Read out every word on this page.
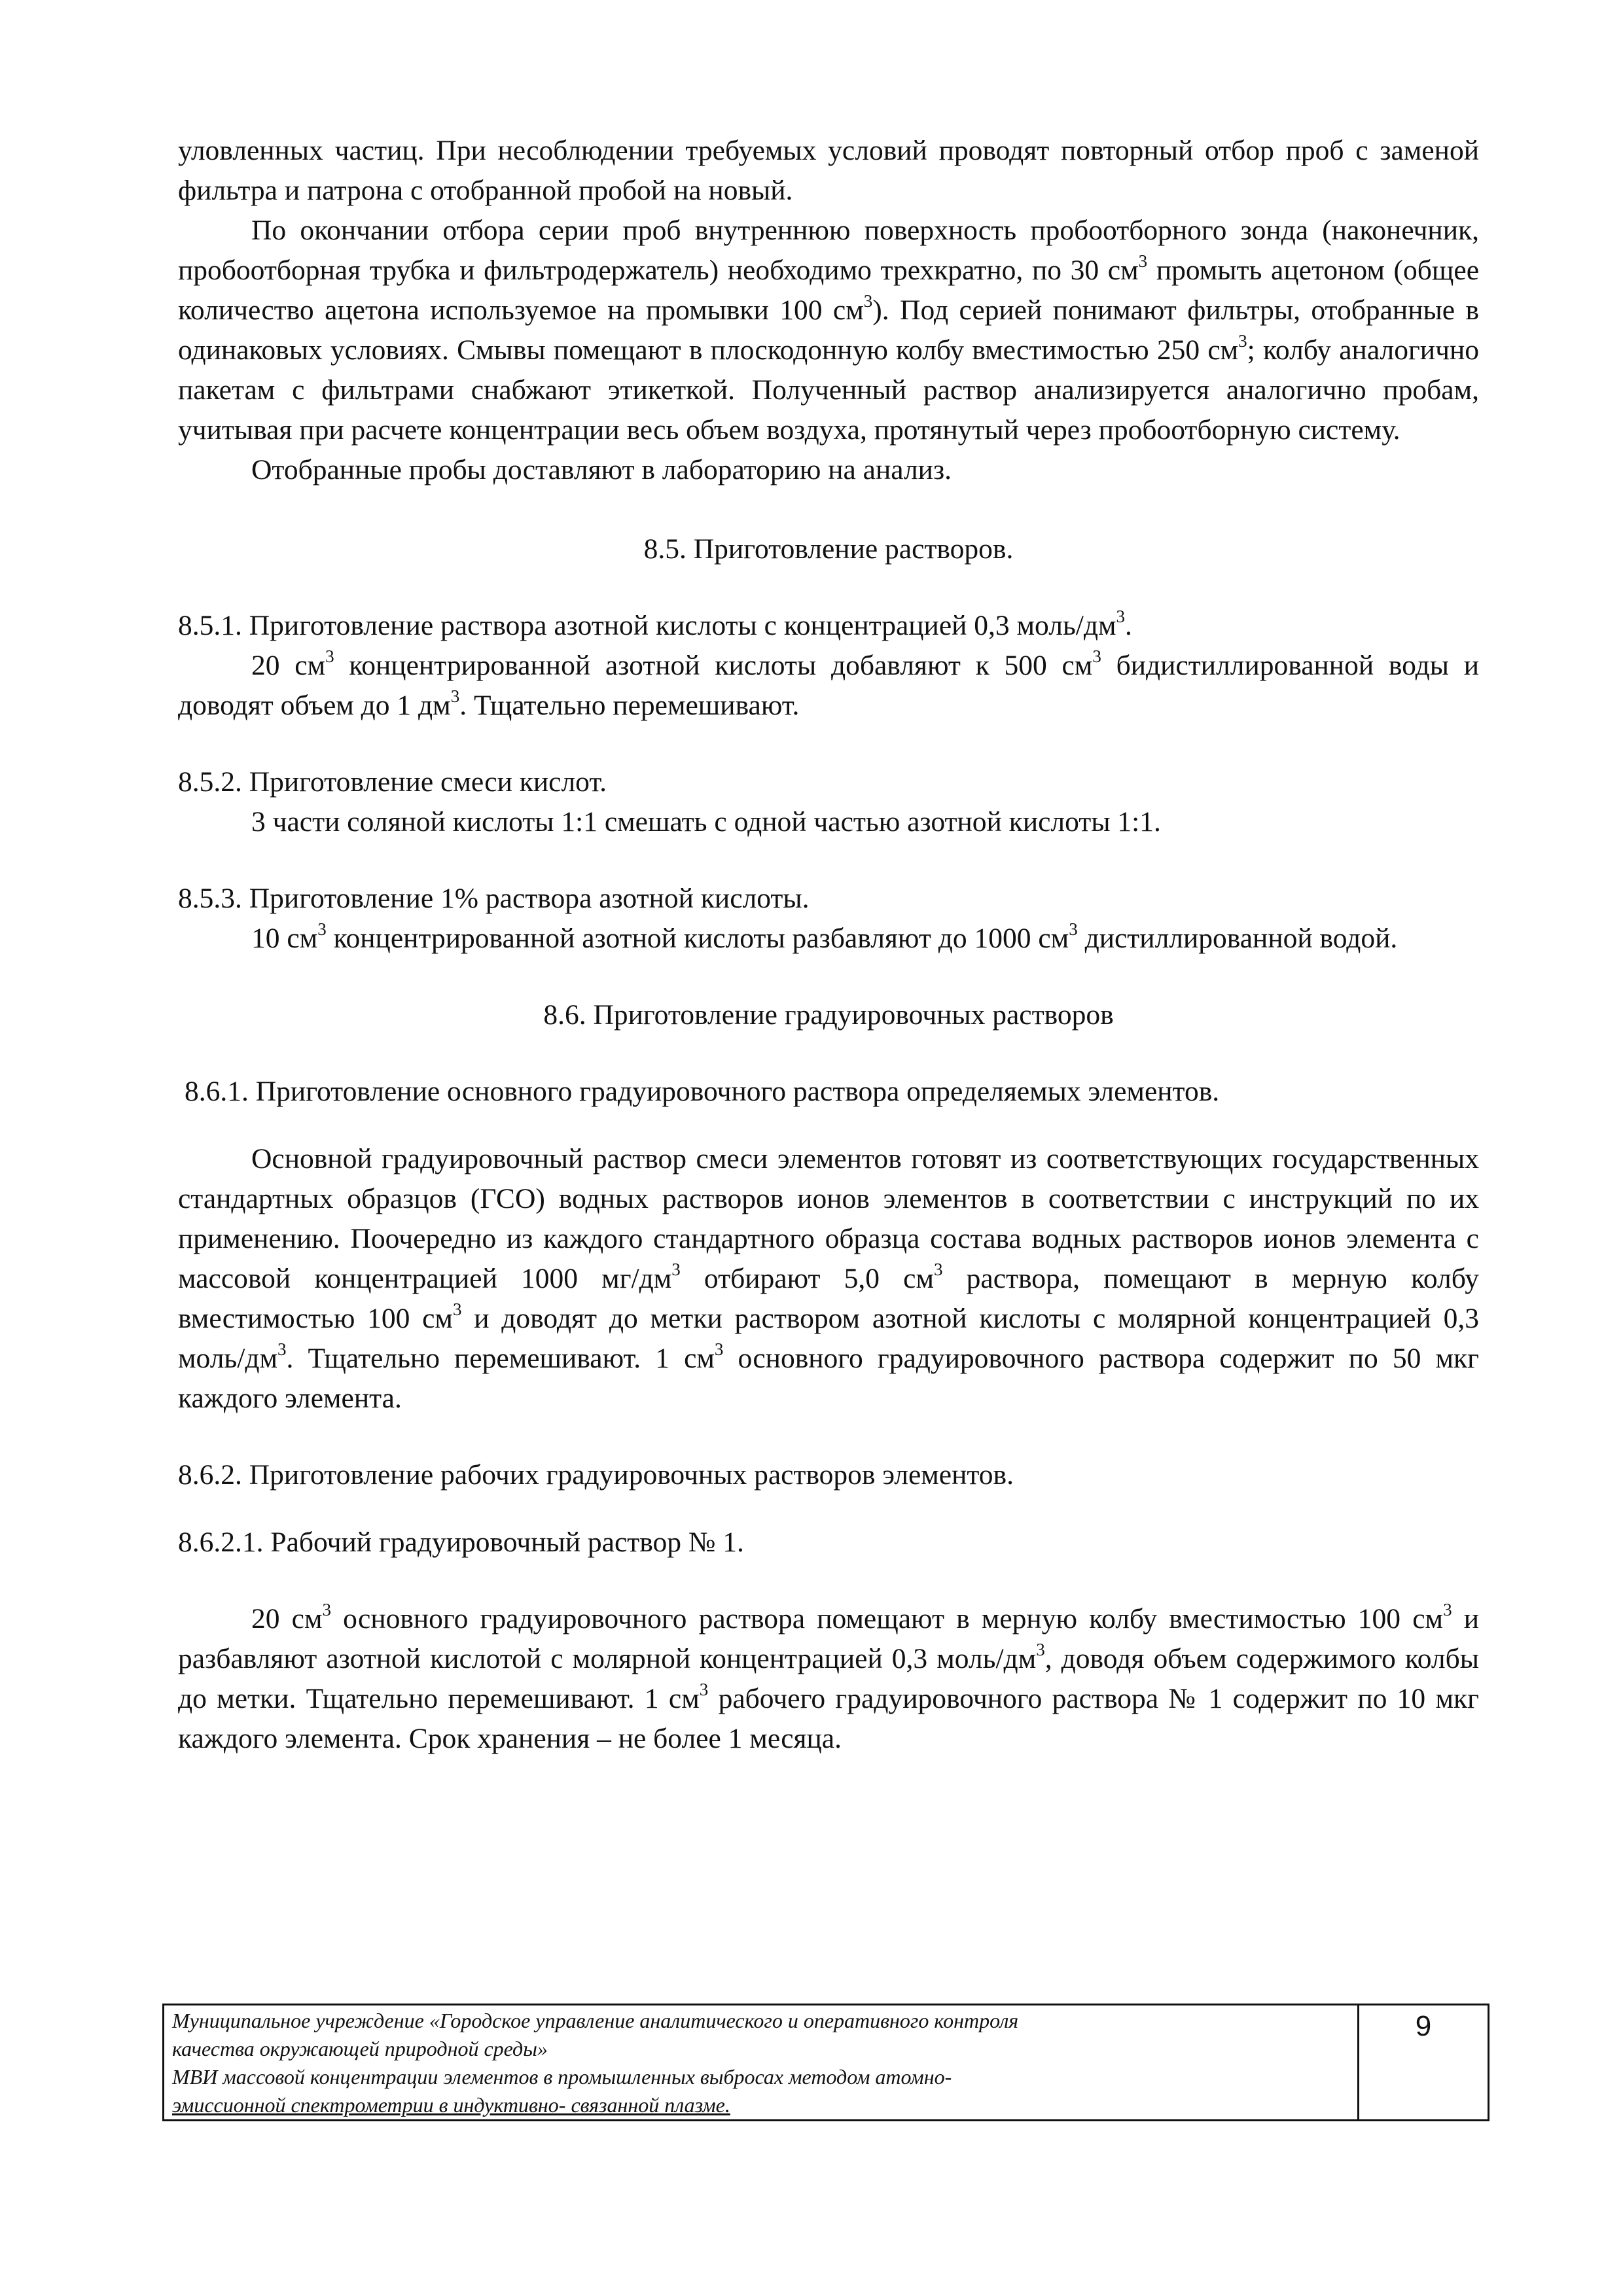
уловленных частиц. При несоблюдении требуемых условий проводят повторный отбор проб с заменой фильтра и патрона с отобранной пробой на новый.

По окончании отбора серии проб внутреннюю поверхность пробоотборного зонда (наконечник, пробоотборная трубка и фильтродержатель) необходимо трехкратно, по 30 $см^3$ промыть ацетоном (общее количество ацетона используемое на промывки 100 $см^3$). Под серией понимают фильтры, отобранные в одинаковых условиях. Смывы помещают в плоскодонную колбу вместимостью 250 $см^3$; колбу аналогично пакетам с фильтрами снабжают этикеткой. Полученный раствор анализируется аналогично пробам, учитывая при расчете концентрации весь объем воздуха, протянутый через пробоотборную систему.

Отобранные пробы доставляют в лабораторию на анализ.

8.5. Приготовление растворов.

8.5.1. Приготовление раствора азотной кислоты с концентрацией 0,3 моль/$дм^3$.

20 $см^3$ концентрированной азотной кислоты добавляют к 500 $см^3$ бидистиллированной воды и доводят объем до 1 $дм^3$. Тщательно перемешивают.

8.5.2. Приготовление смеси кислот.

3 части соляной кислоты 1:1 смешать с одной частью азотной кислоты 1:1.

8.5.3. Приготовление 1% раствора азотной кислоты.

10 $см^3$ концентрированной азотной кислоты разбавляют до 1000 $см^3$ дистиллированной водой.

8.6. Приготовление градуировочных растворов

8.6.1. Приготовление основного градуировочного раствора определяемых элементов.

Основной градуировочный раствор смеси элементов готовят из соответствующих государственных стандартных образцов (ГСО) водных растворов ионов элементов в соответствии с инструкций по их применению. Поочередно из каждого стандартного образца состава водных растворов ионов элемента с массовой концентрацией 1000 $мг/дм^3$ отбирают 5,0 $см^3$ раствора, помещают в мерную колбу вместимостью 100 $см^3$ и доводят до метки раствором азотной кислоты с молярной концентрацией 0,3 моль/$дм^3$. Тщательно перемешивают. 1 $см^3$ основного градуировочного раствора содержит по 50 мкг каждого элемента.

8.6.2. Приготовление рабочих градуировочных растворов элементов.

8.6.2.1. Рабочий градуировочный раствор № 1.

20 $см^3$ основного градуировочного раствора помещают в мерную колбу вместимостью 100 $см^3$ и разбавляют азотной кислотой с молярной концентрацией 0,3 моль/$дм^3$, доводя объем содержимого колбы до метки. Тщательно перемешивают. 1 $см^3$ рабочего градуировочного раствора № 1 содержит по 10 мкг каждого элемента. Срок хранения – не более 1 месяца.

Муниципальное учреждение «Городское управление аналитического и оперативного контроля

качества окружающей природной среды»

МВИ массовой концентрации элементов в промышленных выбросах методом атомно-

эмиссионной спектрометрии в индуктивно- связанной плазме.

9
